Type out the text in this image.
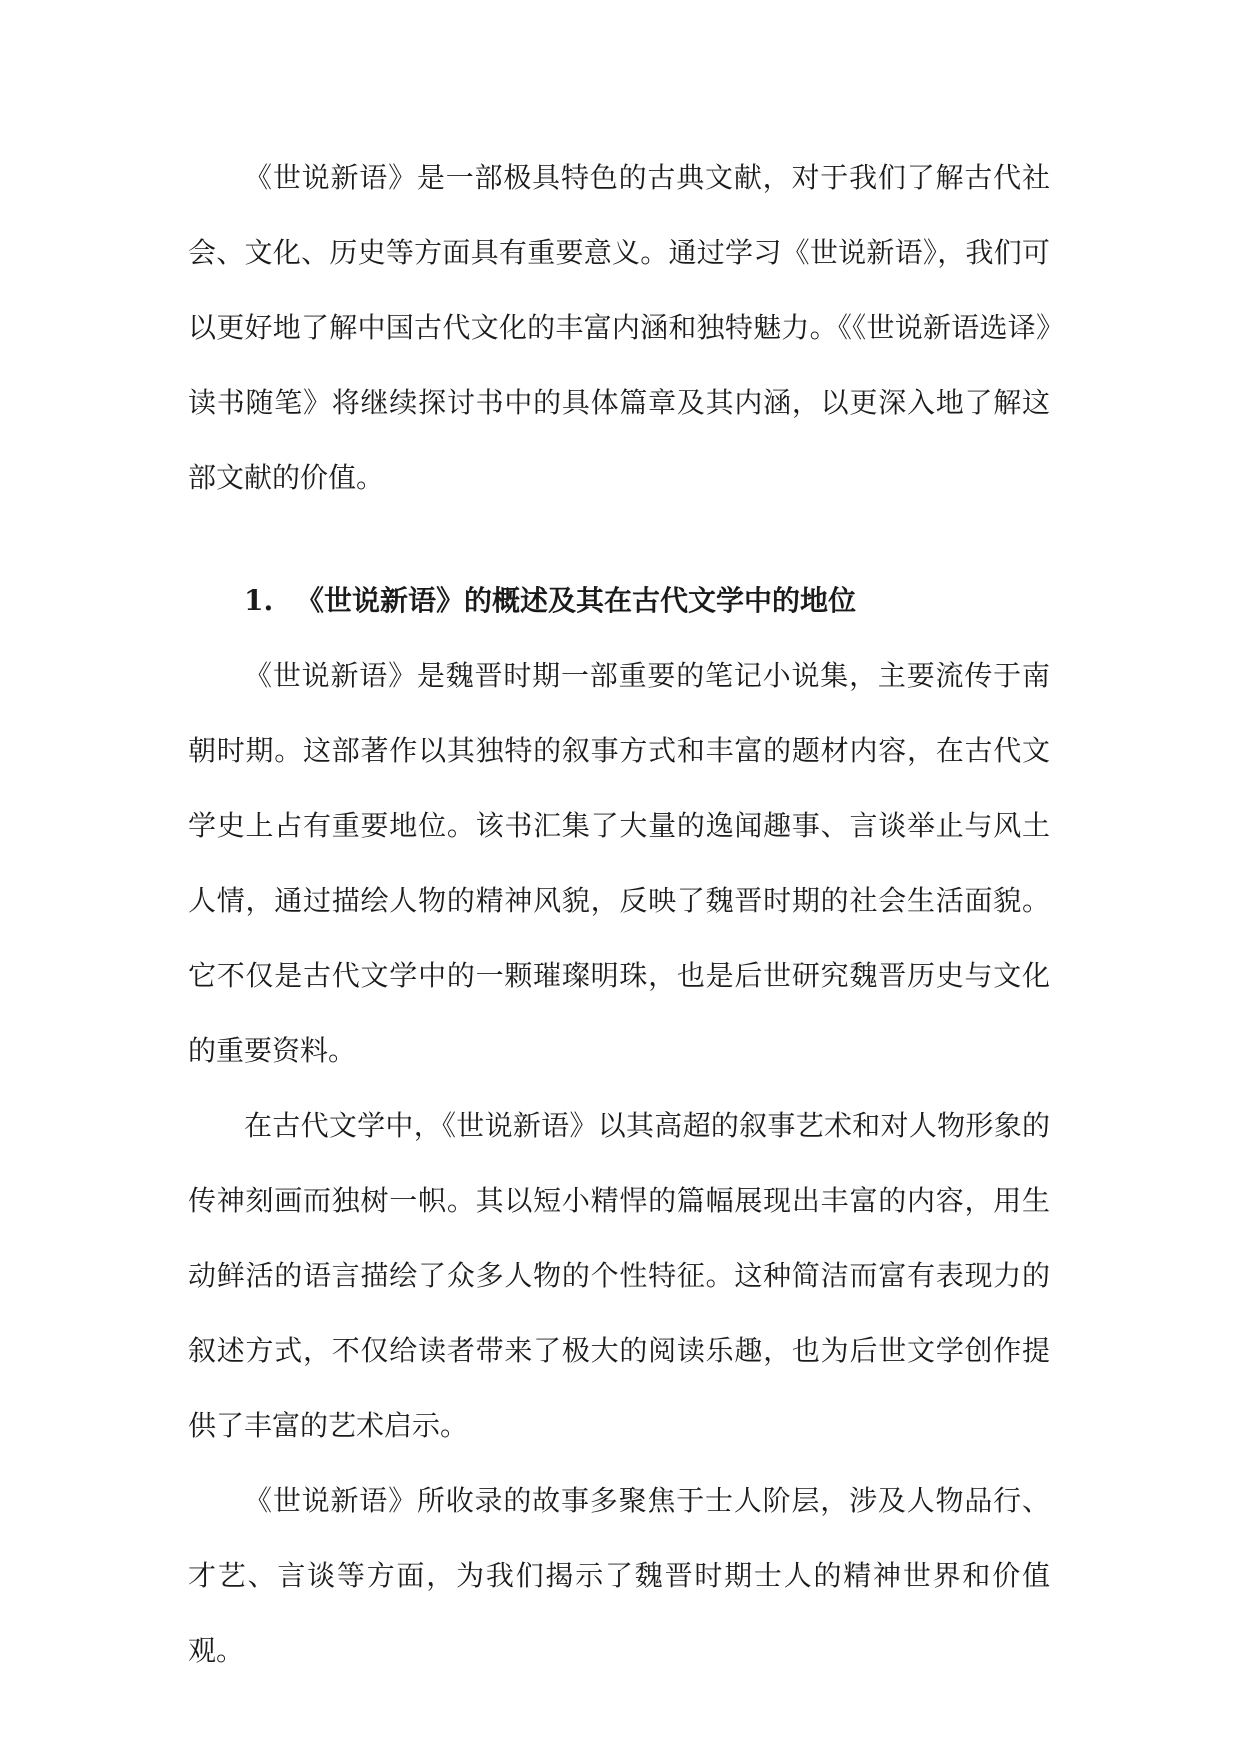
《世说新语》是一部极具特色的古典文献，对于我们了解古代社会、文化、历史等方面具有重要意义。通过学习《世说新语》，我们可以更好地了解中国古代文化的丰富内涵和独特魅力。《《世说新语选译》读书随笔》将继续探讨书中的具体篇章及其内涵，以更深入地了解这部文献的价值。

1. 《世说新语》的概述及其在古代文学中的地位

《世说新语》是魏晋时期一部重要的笔记小说集，主要流传于南朝时期。这部著作以其独特的叙事方式和丰富的题材内容，在古代文学史上占有重要地位。该书汇集了大量的逸闻趣事、言谈举止与风土人情，通过描绘人物的精神风貌，反映了魏晋时期的社会生活面貌。它不仅是古代文学中的一颗璀璨明珠，也是后世研究魏晋历史与文化的重要资料。

在古代文学中，《世说新语》以其高超的叙事艺术和对人物形象的传神刻画而独树一帜。其以短小精悍的篇幅展现出丰富的内容，用生动鲜活的语言描绘了众多人物的个性特征。这种简洁而富有表现力的叙述方式，不仅给读者带来了极大的阅读乐趣，也为后世文学创作提供了丰富的艺术启示。

《世说新语》所收录的故事多聚焦于士人阶层，涉及人物品行、才艺、言谈等方面，为我们揭示了魏晋时期士人的精神世界和价值观。
